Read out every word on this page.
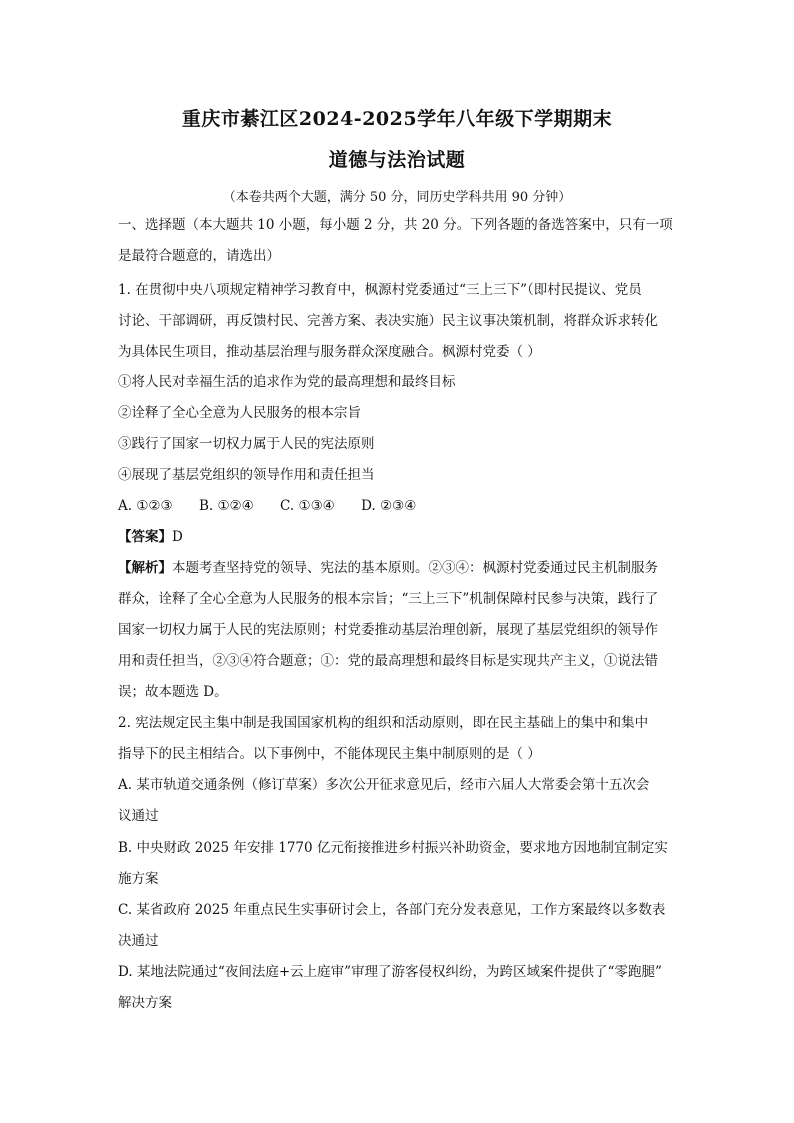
重庆市綦江区2024-2025学年八年级下学期期末
道德与法治试题
（本卷共两个大题，满分 50 分，同历史学科共用 90 分钟）
一、选择题（本大题共 10 小题，每小题 2 分，共 20 分。下列各题的备选答案中，只有一项
是最符合题意的，请选出）
1. 在贯彻中央八项规定精神学习教育中，枫源村党委通过“三上三下”（即村民提议、党员
讨论、干部调研，再反馈村民、完善方案、表决实施）民主议事决策机制，将群众诉求转化
为具体民生项目，推动基层治理与服务群众深度融合。枫源村党委（ ）
①将人民对幸福生活的追求作为党的最高理想和最终目标
②诠释了全心全意为人民服务的根本宗旨
③践行了国家一切权力属于人民的宪法原则
④展现了基层党组织的领导作用和责任担当
A. ①②③ B. ①②④ C. ①③④ D. ②③④
【答案】D
【解析】本题考查坚持党的领导、宪法的基本原则。②③④：枫源村党委通过民主机制服务
群众，诠释了全心全意为人民服务的根本宗旨；“三上三下”机制保障村民参与决策，践行了
国家一切权力属于人民的宪法原则；村党委推动基层治理创新，展现了基层党组织的领导作
用和责任担当，②③④符合题意；①：党的最高理想和最终目标是实现共产主义，①说法错
误；故本题选 D。
2. 宪法规定民主集中制是我国国家机构的组织和活动原则，即在民主基础上的集中和集中
指导下的民主相结合。以下事例中，不能体现民主集中制原则的是（ ）
A. 某市轨道交通条例（修订草案）多次公开征求意见后，经市六届人大常委会第十五次会
议通过
B. 中央财政 2025 年安排 1770 亿元衔接推进乡村振兴补助资金，要求地方因地制宜制定实
施方案
C. 某省政府 2025 年重点民生实事研讨会上，各部门充分发表意见，工作方案最终以多数表
决通过
D. 某地法院通过“夜间法庭+云上庭审”审理了游客侵权纠纷，为跨区域案件提供了“零跑腿”
解决方案
